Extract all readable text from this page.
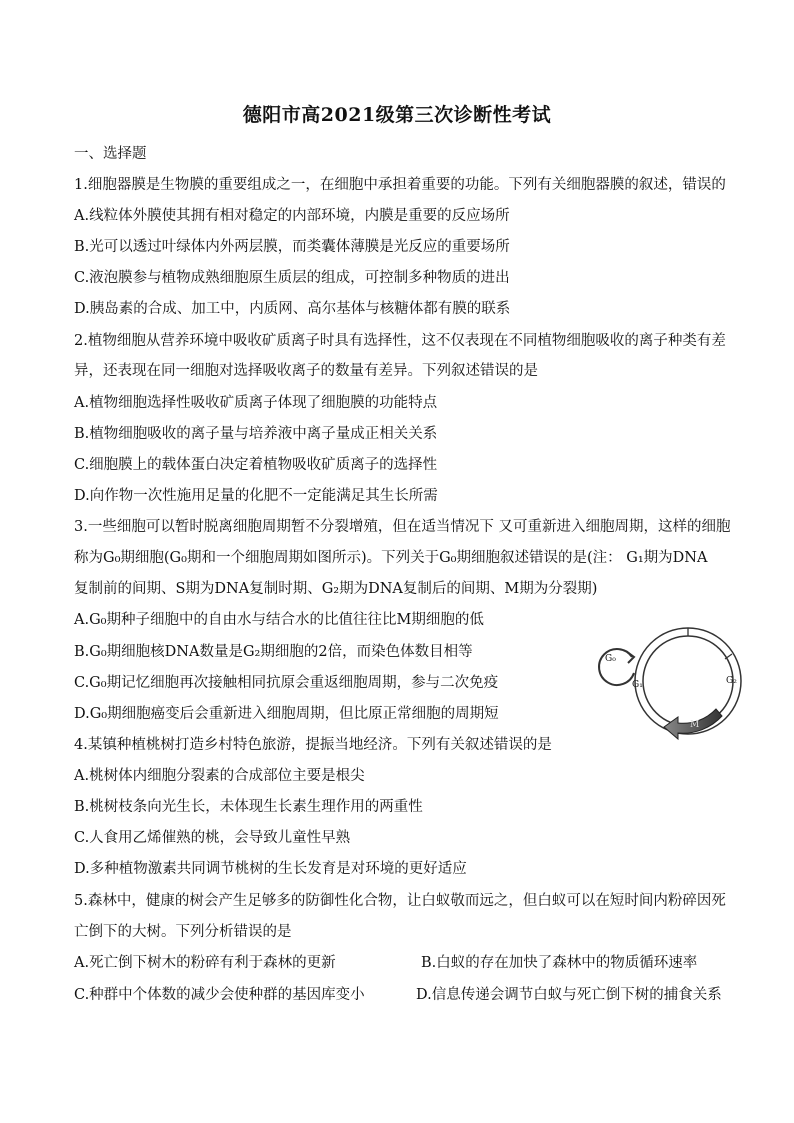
德阳市高2021级第三次诊断性考试
一、选择题
1.细胞器膜是生物膜的重要组成之一，在细胞中承担着重要的功能。下列有关细胞器膜的叙述，错误的
A.线粒体外膜使其拥有相对稳定的内部环境，内膜是重要的反应场所
B.光可以透过叶绿体内外两层膜，而类囊体薄膜是光反应的重要场所
C.液泡膜参与植物成熟细胞原生质层的组成，可控制多种物质的进出
D.胰岛素的合成、加工中，内质网、高尔基体与核糖体都有膜的联系
2.植物细胞从营养环境中吸收矿质离子时具有选择性，这不仅表现在不同植物细胞吸收的离子种类有差
异，还表现在同一细胞对选择吸收离子的数量有差异。下列叙述错误的是
A.植物细胞选择性吸收矿质离子体现了细胞膜的功能特点
B.植物细胞吸收的离子量与培养液中离子量成正相关关系
C.细胞膜上的载体蛋白决定着植物吸收矿质离子的选择性
D.向作物一次性施用足量的化肥不一定能满足其生长所需
3.一些细胞可以暂时脱离细胞周期暂不分裂增殖，但在适当情况下 又可重新进入细胞周期，这样的细胞
称为G₀期细胞(G₀期和一个细胞周期如图所示)。下列关于G₀期细胞叙述错误的是(注： G₁期为DNA
复制前的间期、S期为DNA复制时期、G₂期为DNA复制后的间期、M期为分裂期)
A.G₀期种子细胞中的自由水与结合水的比值往往比M期细胞的低
B.G₀期细胞核DNA数量是G₂期细胞的2倍，而染色体数目相等
C.G₀期记忆细胞再次接触相同抗原会重返细胞周期，参与二次免疫
D.G₀期细胞癌变后会重新进入细胞周期，但比原正常细胞的周期短
G₀
M
G₁	G₂
4.某镇种植桃树打造乡村特色旅游，提振当地经济。下列有关叙述错误的是
A.桃树体内细胞分裂素的合成部位主要是根尖
B.桃树枝条向光生长，未体现生长素生理作用的两重性
C.人食用乙烯催熟的桃，会导致儿童性早熟
D.多种植物激素共同调节桃树的生长发育是对环境的更好适应
5.森林中，健康的树会产生足够多的防御性化合物，让白蚁敬而远之，但白蚁可以在短时间内粉碎因死
亡倒下的大树。下列分析错误的是
A.死亡倒下树木的粉碎有利于森林的更新	B.白蚁的存在加快了森林中的物质循环速率
C.种群中个体数的减少会使种群的基因库变小	D.信息传递会调节白蚁与死亡倒下树的捕食关系
